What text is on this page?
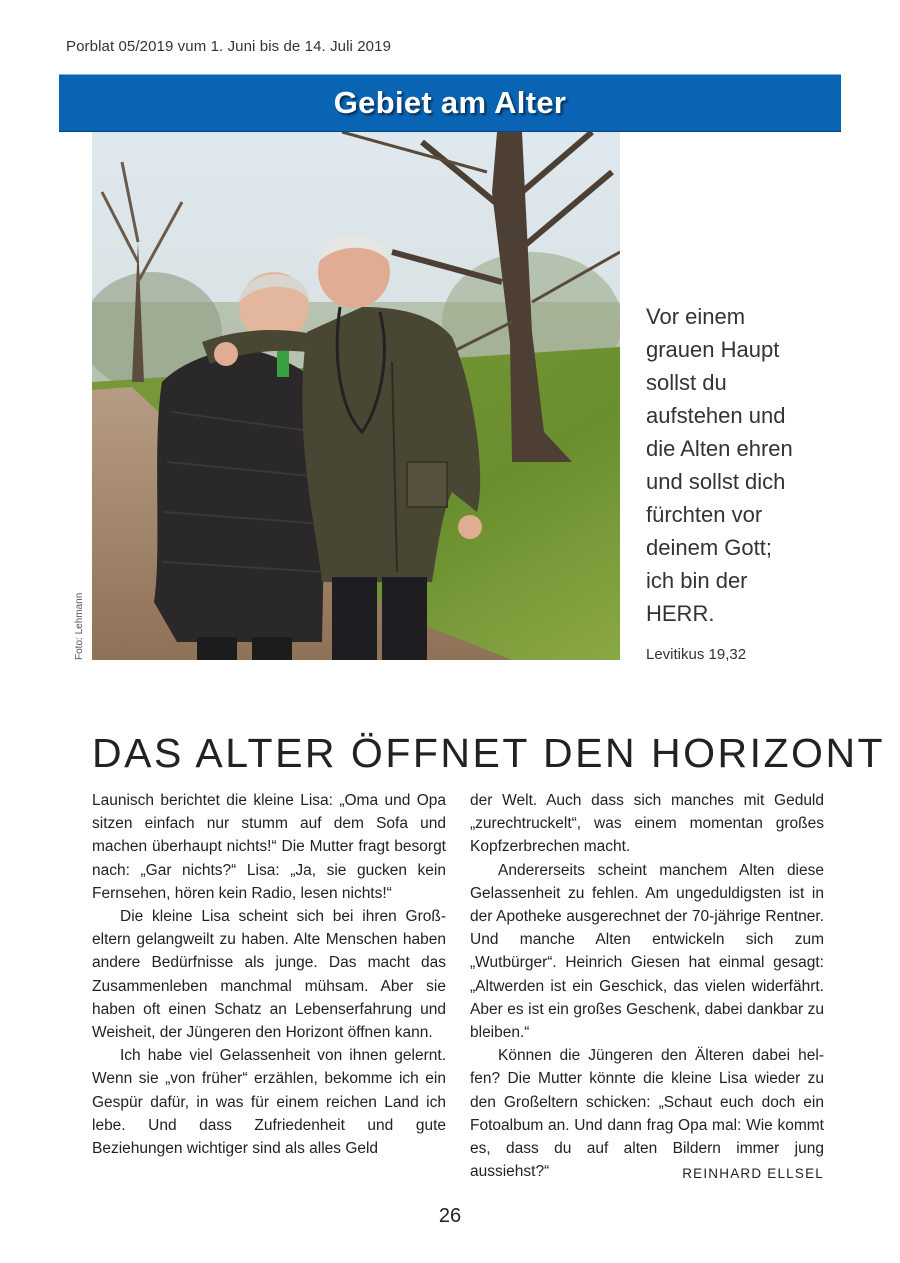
Porblat 05/2019 vum 1. Juni bis de 14. Juli 2019
Gebiet am Alter
Foto: Lehmann
Vor einem
grauen Haupt
sollst du
aufstehen und
die Alten ehren
und sollst dich
fürchten vor
deinem Gott;
ich bin der
HERR.
Levitikus 19,32
DAS ALTER ÖFFNET DEN HORIZONT

Launisch berichtet die kleine Lisa: „Oma und Opa sitzen einfach nur stumm auf dem Sofa und machen überhaupt nichts!“ Die Mutter fragt besorgt nach: „Gar nichts?“ Lisa: „Ja, sie gucken kein Fernsehen, hören kein Radio, lesen nichts!“

Die kleine Lisa scheint sich bei ihren Großeltern gelangweilt zu haben. Alte Menschen haben andere Bedürfnisse als junge. Das macht das Zusammenleben manchmal mühsam. Aber sie haben oft einen Schatz an Lebenserfahrung und Weisheit, der Jüngeren den Horizont öffnen kann.

Ich habe viel Gelassenheit von ihnen gelernt. Wenn sie „von früher“ erzählen, bekomme ich ein Gespür dafür, in was für einem reichen Land ich lebe. Und dass Zufriedenheit und gute Beziehungen wichtiger sind als alles Geld

der Welt. Auch dass sich manches mit Geduld „zurechtruckelt“, was einem momentan großes Kopfzerbrechen macht.

Andererseits scheint manchem Alten diese Gelassenheit zu fehlen. Am ungeduldigsten ist in der Apotheke ausgerechnet der 70-jährige Rentner. Und manche Alten entwickeln sich zum „Wutbürger“. Heinrich Giesen hat einmal gesagt: „Altwerden ist ein Geschick, das vielen widerfährt. Aber es ist ein großes Geschenk, dabei dankbar zu bleiben.“

Können die Jüngeren den Älteren dabei helfen? Die Mutter könnte die kleine Lisa wieder zu den Großeltern schicken: „Schaut euch doch ein Fotoalbum an. Und dann frag Opa mal: Wie kommt es, dass du auf alten Bildern immer jung aussiehst?“	REINHARD ELLSEL

26
